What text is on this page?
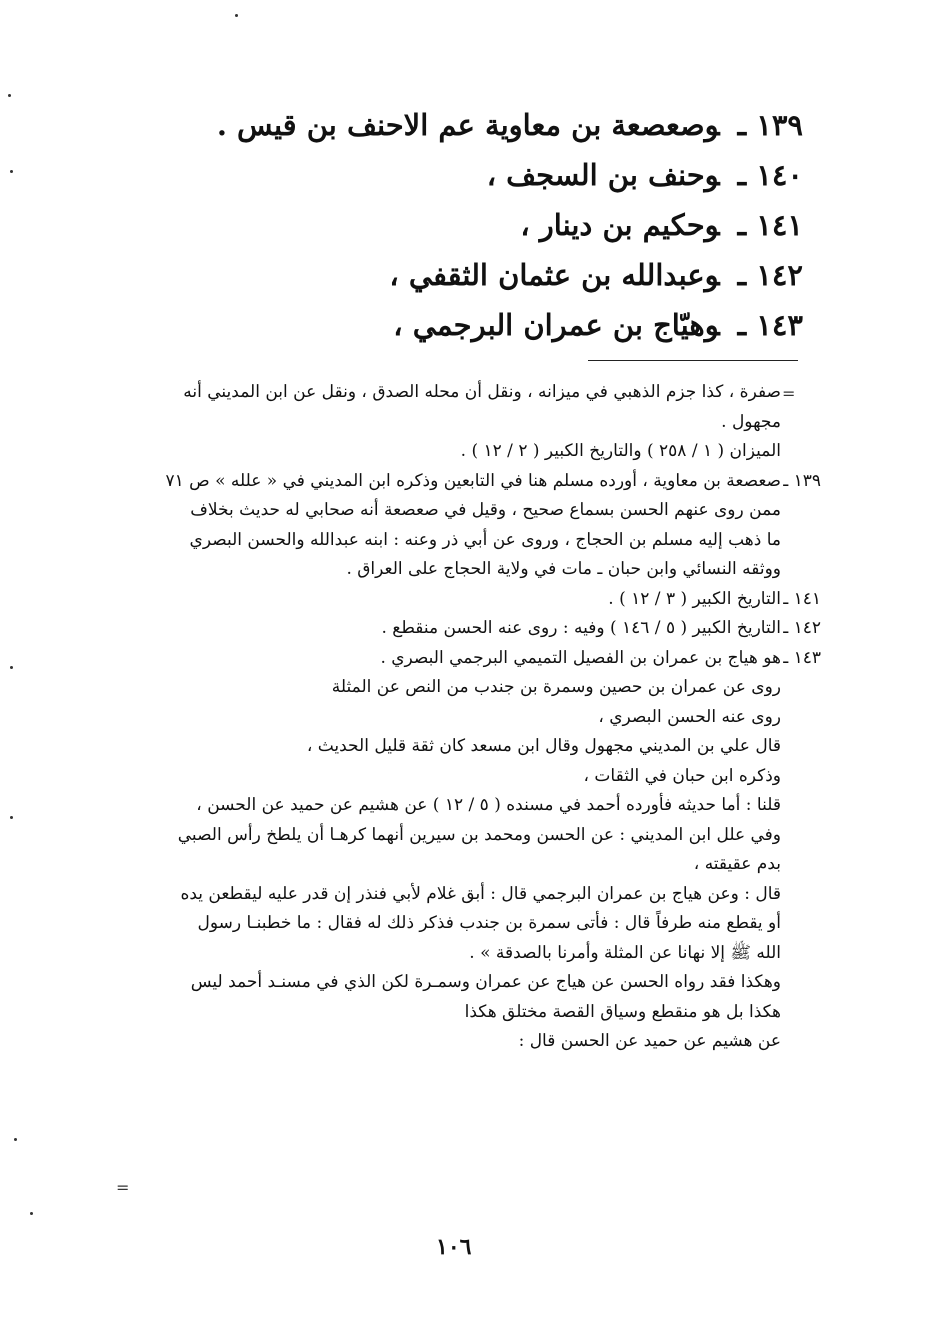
١٣٩ ـوصعصعة بن معاوية عم الاحنف بن قيس .
١٤٠ ـوحنف بن السجف ،
١٤١ ـوحكيم بن دينار ،
١٤٢ ـوعبدالله بن عثمان الثقفي ،
١٤٣ ـوهيّاج بن عمران البرجمي ،
=
صفرة ، كذا جزم الذهبي في ميزانه ، ونقل أن محله الصدق ، ونقل عن ابن المديني أنه
مجهول .
الميزان ( ١ / ٢٥٨ ) والتاريخ الكبير ( ٢ / ١٢ ) .
١٣٩ ـصعصعة بن معاوية ، أورده مسلم هنا في التابعين وذكره ابن المديني في « علله » ص ٧١
ممن روى عنهم الحسن بسماع صحيح ، وقيل في صعصعة أنه صحابي له حديث بخلاف
ما ذهب إليه مسلم بن الحجاج ، وروى عن أبي ذر وعنه : ابنه عبدالله والحسن البصري
ووثقه النسائي وابن حبان ـ مات في ولاية الحجاج على العراق .
١٤١ ـالتاريخ الكبير ( ٣ / ١٢ ) .
١٤٢ ـالتاريخ الكبير ( ٥ / ١٤٦ ) وفيه : روى عنه الحسن منقطع .
١٤٣ ـهو هياج بن عمران بن الفصيل التميمي البرجمي البصري .
روى عن عمران بن حصين وسمرة بن جندب من النص عن المثلة
روى عنه الحسن البصري ،
قال علي بن المديني مجهول وقال ابن مسعد كان ثقة قليل الحديث ،
وذكره ابن حبان في الثقات ،
قلنا : أما حديثه فأورده أحمد في مسنده ( ٥ / ١٢ ) عن هشيم عن حميد عن الحسن ،
وفي علل ابن المديني : عن الحسن ومحمد بن سيرين أنهما كرهـا أن يلطخ رأس الصبي
بدم عقيقته ،
قال : وعن هياج بن عمران البرجمي قال : أبق غلام لأبي فنذر إن قدر عليه ليقطعن يده
أو يقطع منه طرفاً قال : فأتى سمرة بن جندب فذكر ذلك له فقال : ما خطبنـا رسول
الله ﷺ إلا نهانا عن المثلة وأمرنا بالصدقة » .
وهكذا فقد رواه الحسن عن هياج عن عمران وسمـرة لكن الذي في مسنـد أحمد ليس
هكذا بل هو منقطع وسياق القصة مختلق هكذا
عن هشيم عن حميد عن الحسن قال :
=
١٠٦
